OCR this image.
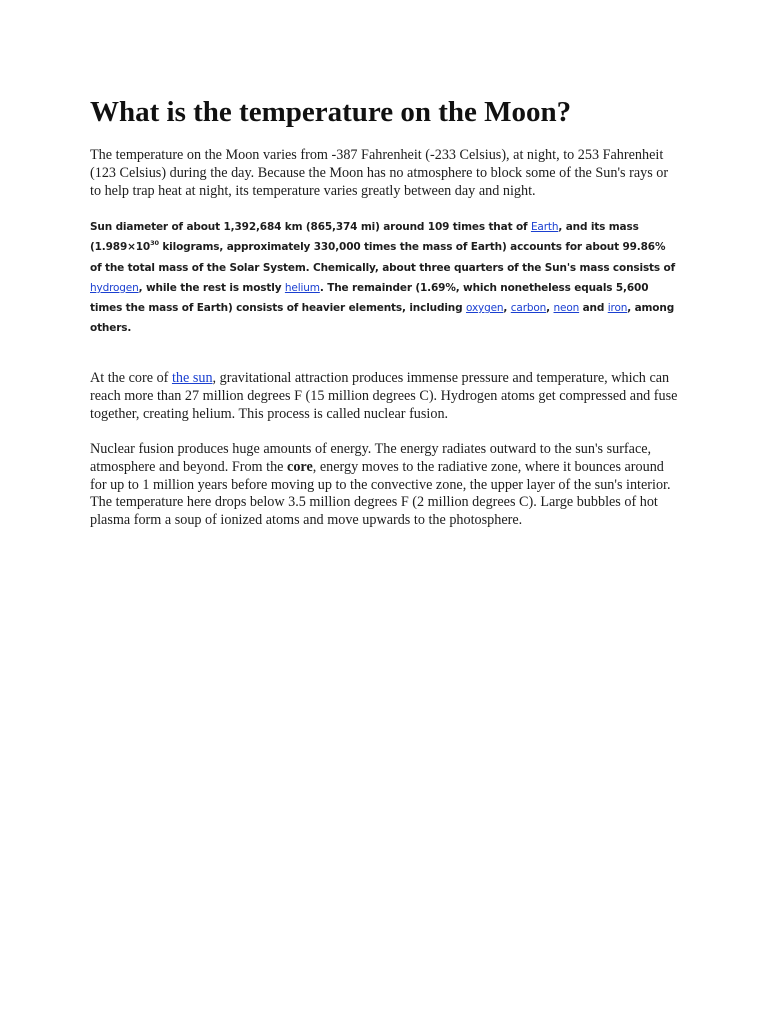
What is the temperature on the Moon?

The temperature on the Moon varies from -387 Fahrenheit (-233 Celsius), at night, to 253 Fahrenheit (123 Celsius) during the day. Because the Moon has no atmosphere to block some of the Sun's rays or to help trap heat at night, its temperature varies greatly between day and night.

Sun diameter of about 1,392,684 km (865,374 mi) around 109 times that of Earth, and its mass ($1.989\times 10^{30}$ kilograms, approximately 330,000 times the mass of Earth) accounts for about 99.86% of the total mass of the Solar System. Chemically, about three quarters of the Sun's mass consists of hydrogen, while the rest is mostly helium. The remainder (1.69%, which nonetheless equals 5,600 times the mass of Earth) consists of heavier elements, including oxygen, carbon, neon and iron, among others.

At the core of the sun, gravitational attraction produces immense pressure and temperature, which can reach more than 27 million degrees F (15 million degrees C). Hydrogen atoms get compressed and fuse together, creating helium. This process is called nuclear fusion.

Nuclear fusion produces huge amounts of energy. The energy radiates outward to the sun's surface, atmosphere and beyond. From the core, energy moves to the radiative zone, where it bounces around for up to 1 million years before moving up to the convective zone, the upper layer of the sun's interior. The temperature here drops below 3.5 million degrees F (2 million degrees C). Large bubbles of hot plasma form a soup of ionized atoms and move upwards to the photosphere.
